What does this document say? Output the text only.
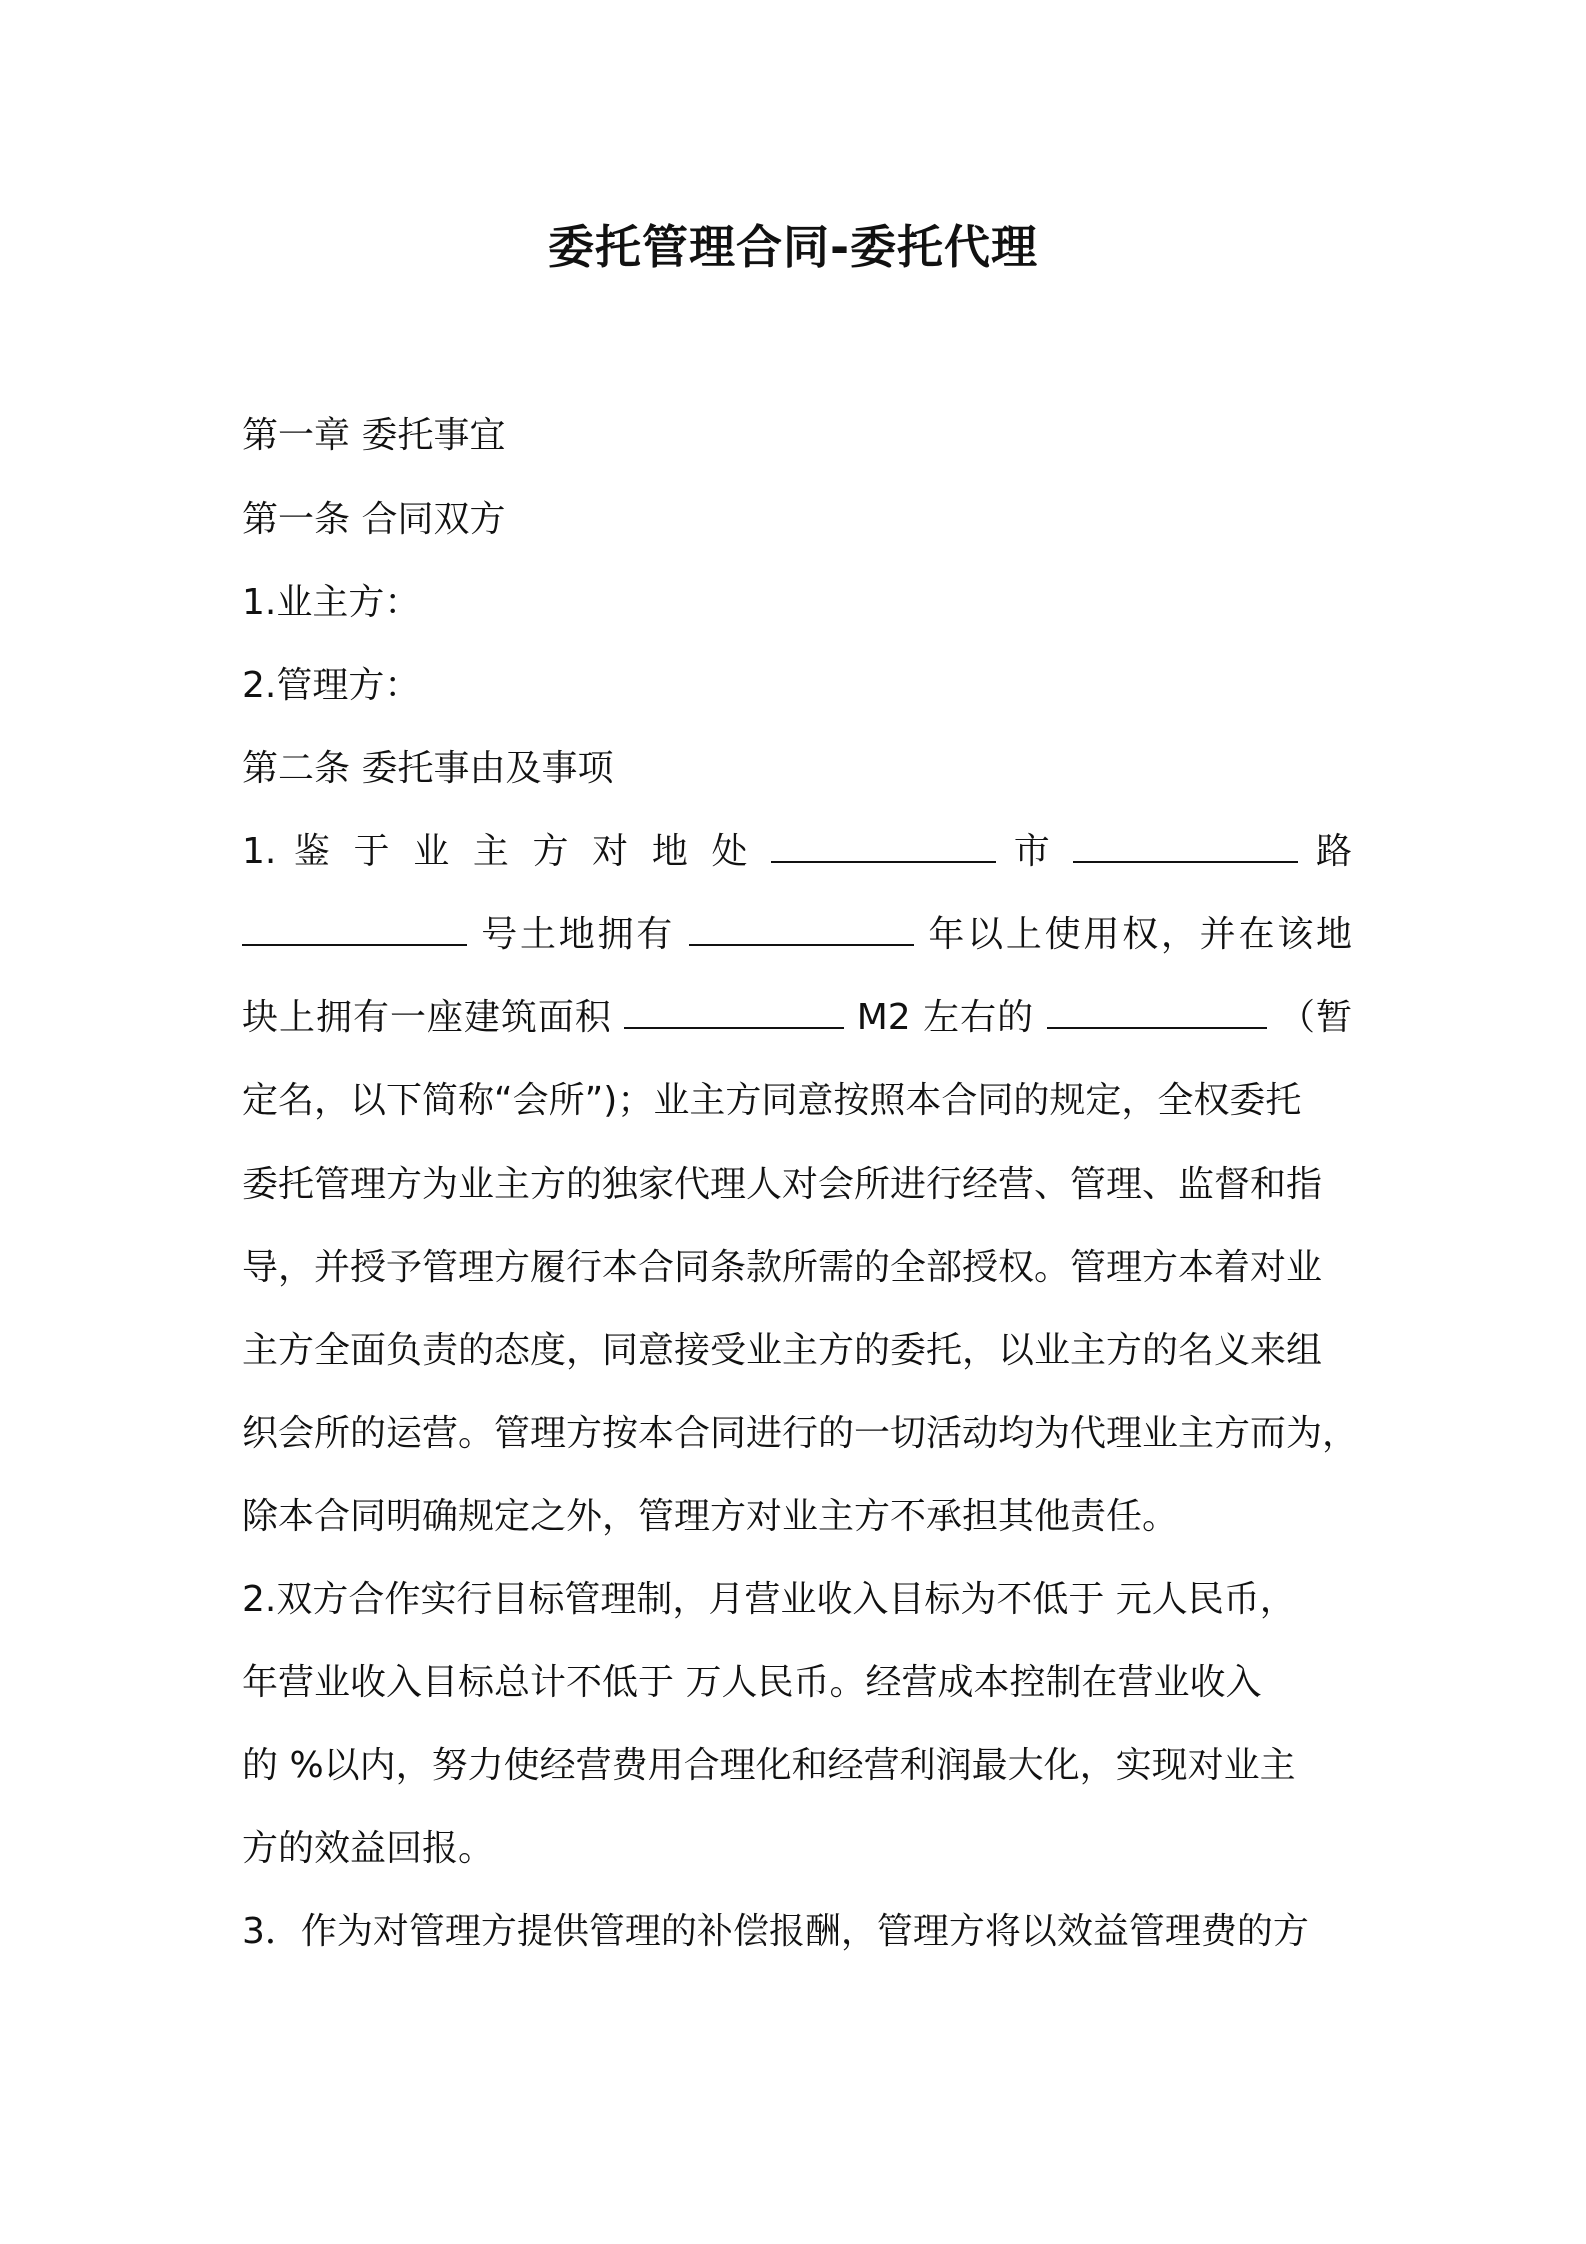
委托管理合同-委托代理
第一章 委托事宜
第一条 合同双方
1.业主方：
2.管理方：
第二条 委托事由及事项
1. 鉴 于 业 主 方 对 地 处	市	路
号土地拥有	年以上使用权，并在该地
块上拥有一座建筑面积	M2 左右的	（暂
定名，以下简称“会所”)；业主方同意按照本合同的规定，全权委托
委托管理方为业主方的独家代理人对会所进行经营、管理、监督和指
导，并授予管理方履行本合同条款所需的全部授权。管理方本着对业
主方全面负责的态度，同意接受业主方的委托，以业主方的名义来组
织会所的运营。管理方按本合同进行的一切活动均为代理业主方而为，
除本合同明确规定之外，管理方对业主方不承担其他责任。
2.双方合作实行目标管理制，月营业收入目标为不低于 元人民币，
年营业收入目标总计不低于 万人民币。经营成本控制在营业收入
的 %以内，努力使经营费用合理化和经营利润最大化，实现对业主
方的效益回报。
3．作为对管理方提供管理的补偿报酬，管理方将以效益管理费的方
